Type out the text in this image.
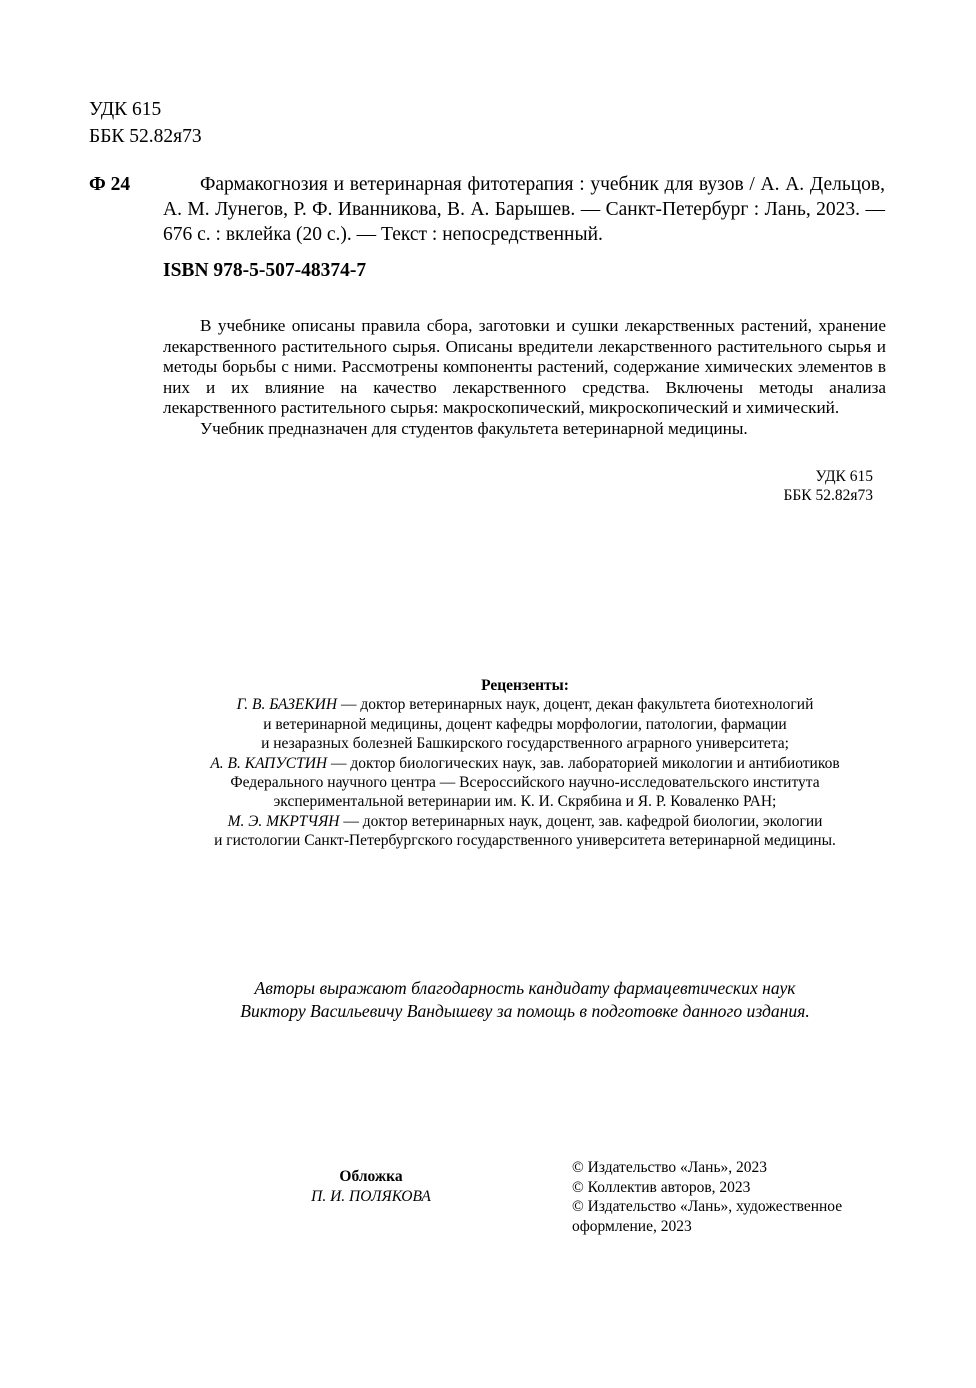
УДК 615
ББК 52.82я73
Ф 24	Фармакогнозия и ветеринарная фитотерапия : учебник для вузов / А. А. Дельцов, А. М. Лунегов, Р. Ф. Иванникова, В. А. Барышев. — Санкт-Петербург : Лань, 2023. — 676 с. : вклейка (20 с.). — Текст : непосредственный.
ISBN 978-5-507-48374-7

В учебнике описаны правила сбора, заготовки и сушки лекарственных растений, хранение лекарственного растительного сырья. Описаны вредители лекарственного растительного сырья и методы борьбы с ними. Рассмотрены компоненты растений, содержание химических элементов в них и их влияние на качество лекарственного средства. Включены методы анализа лекарственного растительного сырья: макроскопический, микроскопический и химический.

Учебник предназначен для студентов факультета ветеринарной медицины.

УДК 615
ББК 52.82я73
Рецензенты:
Г. В. БАЗЕКИН — доктор ветеринарных наук, доцент, декан факультета биотехнологий
и ветеринарной медицины, доцент кафедры морфологии, патологии, фармации
и незаразных болезней Башкирского государственного аграрного университета;
А. В. КАПУСТИН — доктор биологических наук, зав. лабораторией микологии и антибиотиков
Федерального научного центра — Всероссийского научно-исследовательского института
экспериментальной ветеринарии им. К. И. Скрябина и Я. Р. Коваленко РАН;
М. Э. МКРТЧЯН — доктор ветеринарных наук, доцент, зав. кафедрой биологии, экологии
и гистологии Санкт-Петербургского государственного университета ветеринарной медицины.
Авторы выражают благодарность кандидату фармацевтических наук
Виктору Васильевичу Вандышеву за помощь в подготовке данного издания.
Обложка
П. И. ПОЛЯКОВА
© Издательство «Лань», 2023
© Коллектив авторов, 2023
© Издательство «Лань», художественное оформление, 2023
